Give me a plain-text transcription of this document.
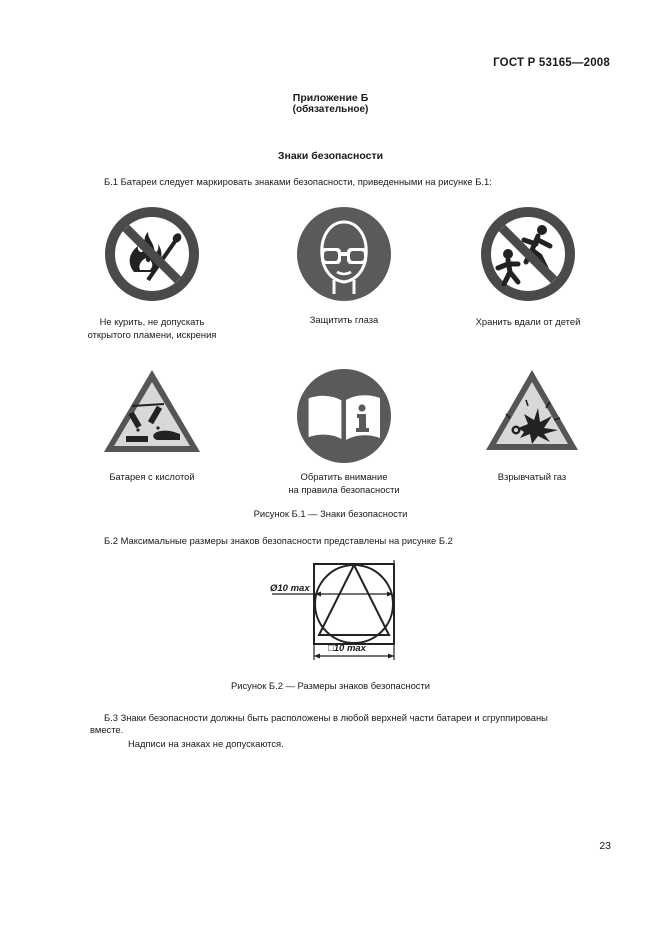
ГОСТ Р 53165—2008
Приложение Б
(обязательное)
Знаки безопасности
Б.1 Батареи следует маркировать знаками безопасности, приведенными на рисунке Б.1:
Не курить, не допускать
открытого пламени, искрения
Защитить глаза	Хранить вдали от детей
Батарея с кислотой	Обратить внимание
на правила безопасности
Взрывчатый газ
Рисунок Б.1 — Знаки безопасности
Б.2 Максимальные размеры знаков безопасности представлены на рисунке Б.2
Ø10 max
□10 max
Рисунок Б.2 — Размеры знаков безопасности
Б.3 Знаки безопасности должны быть расположены в любой верхней части батареи и сгруппированы
вместе.
Надписи на знаках не допускаются.
23
